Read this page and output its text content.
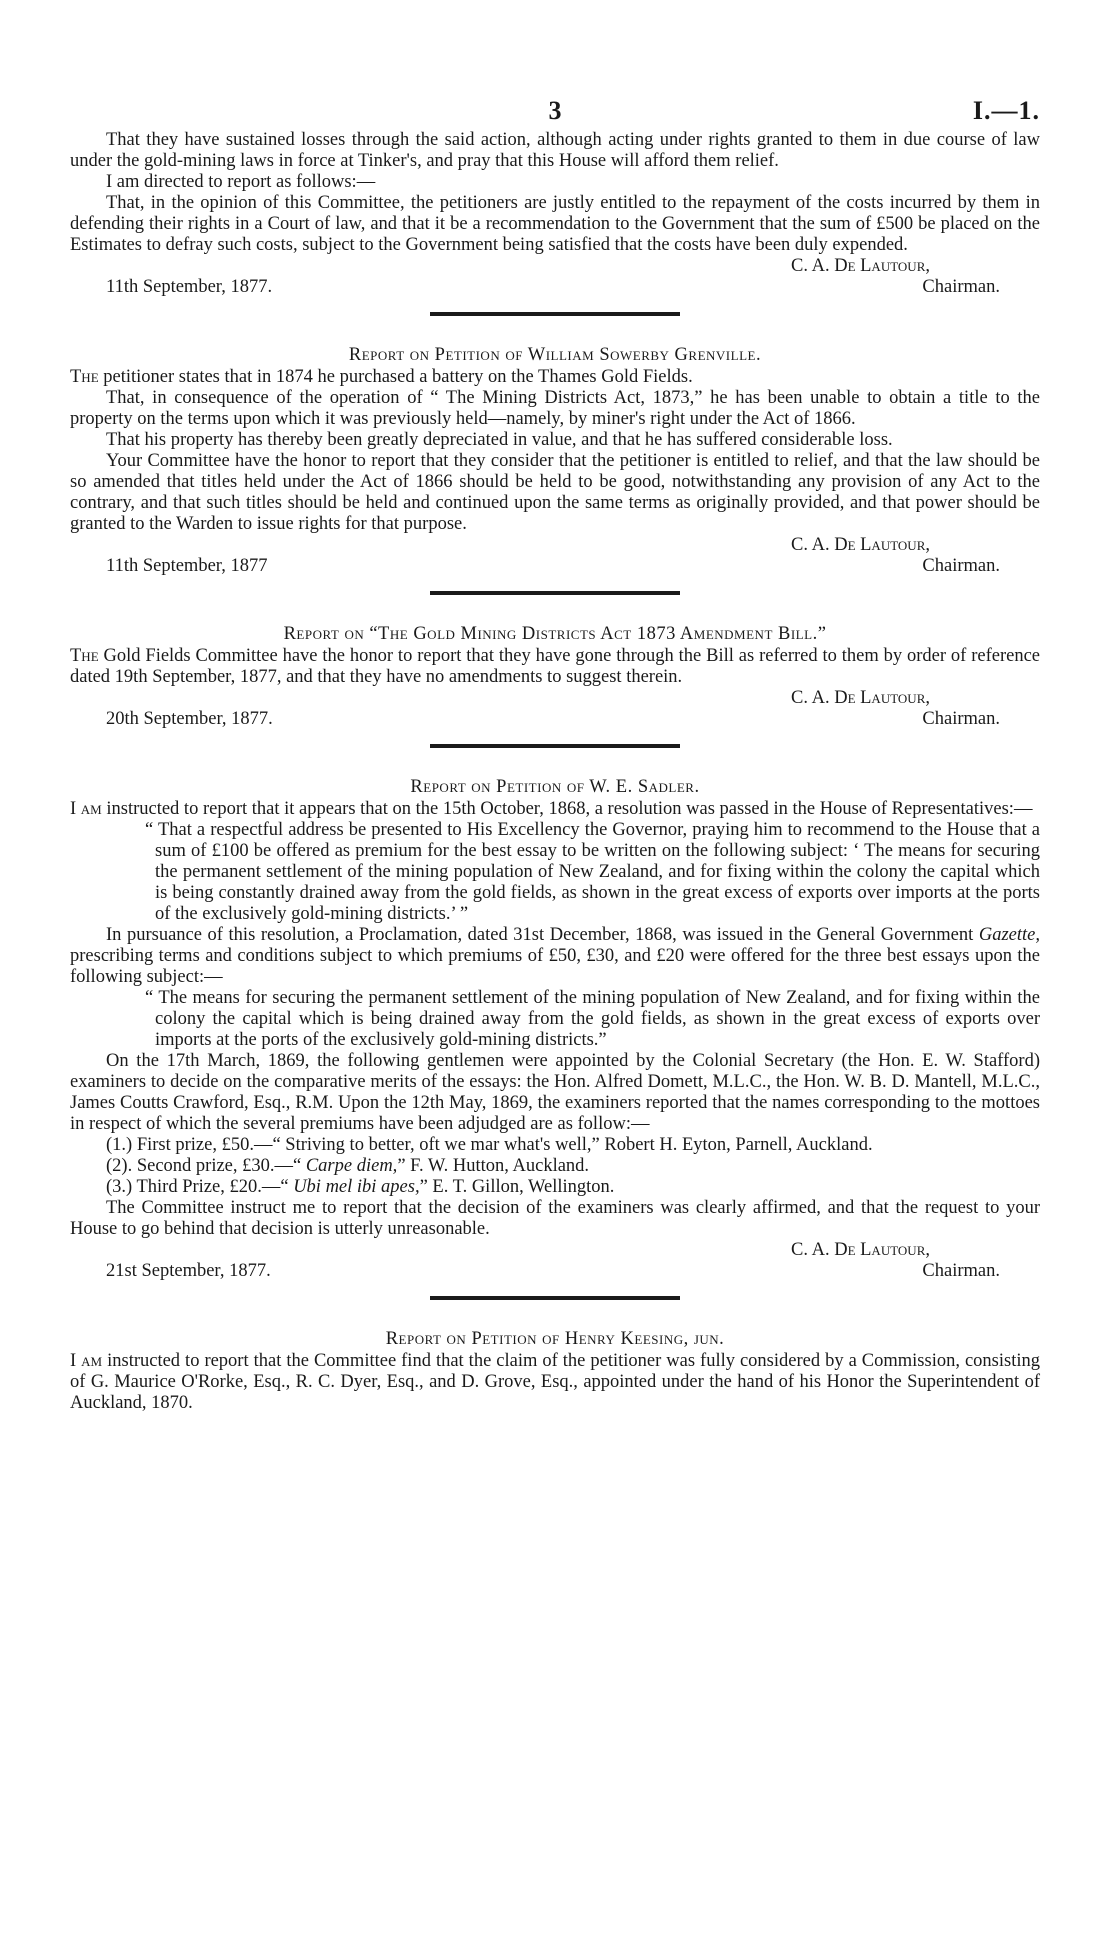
3	I.—1.

That they have sustained losses through the said action, although acting under rights granted to them in due course of law under the gold-mining laws in force at Tinker's, and pray that this House will afford them relief.

I am directed to report as follows:—

That, in the opinion of this Committee, the petitioners are justly entitled to the repayment of the costs incurred by them in defending their rights in a Court of law, and that it be a recommendation to the Government that the sum of £500 be placed on the Estimates to defray such costs, subject to the Government being satisfied that the costs have been duly expended.

C. A. De Lautour,
11th September, 1877.	Chairman.

Report on Petition of William Sowerby Grenville.

The petitioner states that in 1874 he purchased a battery on the Thames Gold Fields.

That, in consequence of the operation of “ The Mining Districts Act, 1873,” he has been unable to obtain a title to the property on the terms upon which it was previously held—namely, by miner's right under the Act of 1866.

That his property has thereby been greatly depreciated in value, and that he has suffered considerable loss.

Your Committee have the honor to report that they consider that the petitioner is entitled to relief, and that the law should be so amended that titles held under the Act of 1866 should be held to be good, notwithstanding any provision of any Act to the contrary, and that such titles should be held and continued upon the same terms as originally provided, and that power should be granted to the Warden to issue rights for that purpose.

C. A. De Lautour,
11th September, 1877	Chairman.

Report on “The Gold Mining Districts Act 1873 Amendment Bill.”

The Gold Fields Committee have the honor to report that they have gone through the Bill as referred to them by order of reference dated 19th September, 1877, and that they have no amendments to suggest therein.

C. A. De Lautour,
20th September, 1877.	Chairman.

Report on Petition of W. E. Sadler.

I am instructed to report that it appears that on the 15th October, 1868, a resolution was passed in the House of Representatives:—

“ That a respectful address be presented to His Excellency the Governor, praying him to recommend to the House that a sum of £100 be offered as premium for the best essay to be written on the following subject: ‘ The means for securing the permanent settlement of the mining population of New Zealand, and for fixing within the colony the capital which is being constantly drained away from the gold fields, as shown in the great excess of exports over imports at the ports of the exclusively gold-mining districts.’ ”

In pursuance of this resolution, a Proclamation, dated 31st December, 1868, was issued in the General Government Gazette, prescribing terms and conditions subject to which premiums of £50, £30, and £20 were offered for the three best essays upon the following subject:—

“ The means for securing the permanent settlement of the mining population of New Zealand, and for fixing within the colony the capital which is being drained away from the gold fields, as shown in the great excess of exports over imports at the ports of the exclusively gold-mining districts.”

On the 17th March, 1869, the following gentlemen were appointed by the Colonial Secretary (the Hon. E. W. Stafford) examiners to decide on the comparative merits of the essays: the Hon. Alfred Domett, M.L.C., the Hon. W. B. D. Mantell, M.L.C., James Coutts Crawford, Esq., R.M. Upon the 12th May, 1869, the examiners reported that the names corresponding to the mottoes in respect of which the several premiums have been adjudged are as follow:—

(1.) First prize, £50.—“ Striving to better, oft we mar what's well,” Robert H. Eyton, Parnell, Auckland.

(2). Second prize, £30.—“ Carpe diem,” F. W. Hutton, Auckland.

(3.) Third Prize, £20.—“ Ubi mel ibi apes,” E. T. Gillon, Wellington.

The Committee instruct me to report that the decision of the examiners was clearly affirmed, and that the request to your House to go behind that decision is utterly unreasonable.

C. A. De Lautour,
21st September, 1877.	Chairman.

Report on Petition of Henry Keesing, jun.

I am instructed to report that the Committee find that the claim of the petitioner was fully considered by a Commission, consisting of G. Maurice O'Rorke, Esq., R. C. Dyer, Esq., and D. Grove, Esq., appointed under the hand of his Honor the Superintendent of Auckland, 1870.
